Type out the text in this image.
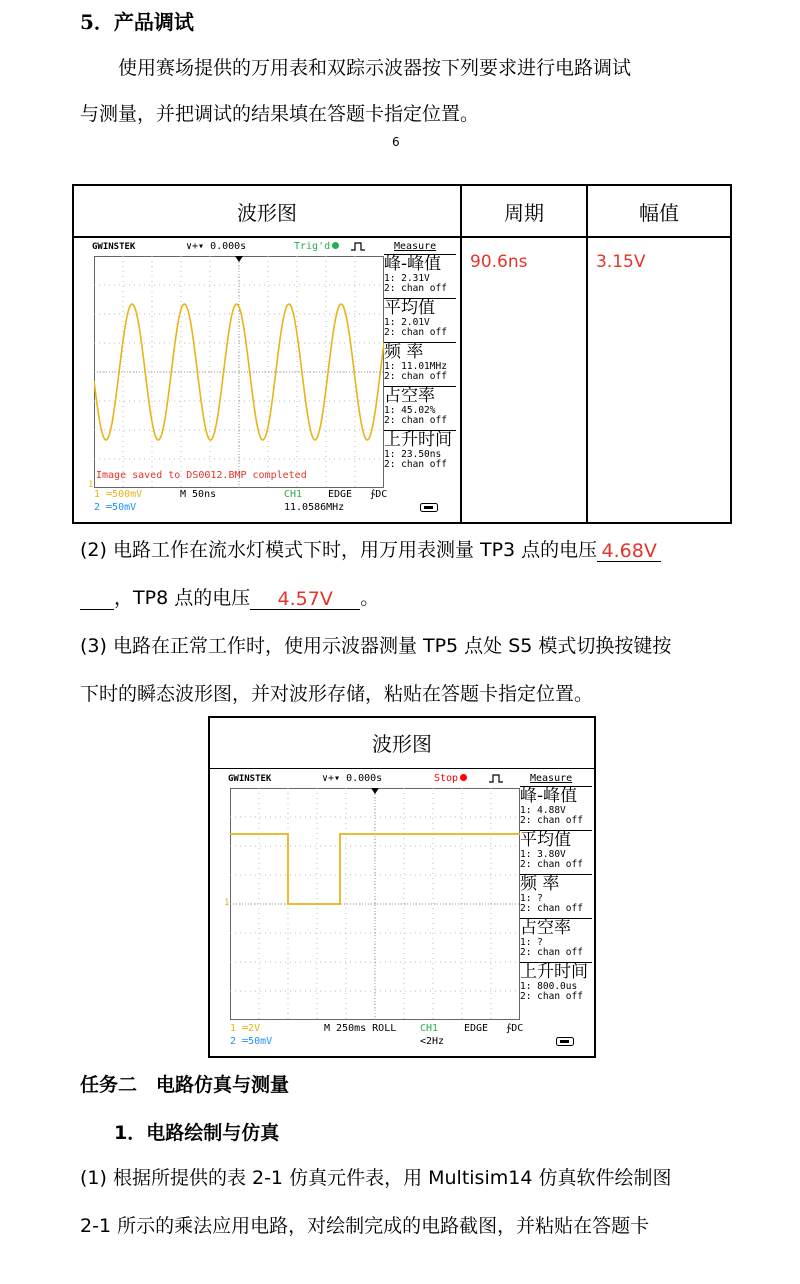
5．产品调试
使用赛场提供的万用表和双踪示波器按下列要求进行电路调试
与测量，并把调试的结果填在答题卡指定位置。
6
波形图	周期	幅值
	90.6ns	3.15V
GWINSTEK	∨+▾ 0.000s	Trig'd	Measure
1
Image saved to DS0012.BMP completed
峰-峰值
1: 2.31V
2: chan off
平均值
1: 2.01V
2: chan off
频 率
1: 11.01MHz
2: chan off
占空率
1: 45.02%
2: chan off
上升时间
1: 23.50ns
2: chan off
1 ═500mV
2 ═50mV
M 50ns	CH1	EDGE ∱DC
11.0586MHz
(2) 电路工作在流水灯模式下时，用万用表测量 TP3 点的电压 4.68V
，TP8 点的电压 4.57V 。
(3) 电路在正常工作时，使用示波器测量 TP5 点处 S5 模式切换按键按
下时的瞬态波形图，并对波形存储，粘贴在答题卡指定位置。
波形图
GWINSTEK	∨+▾ 0.000s	Stop	Measure
1
峰-峰值
1: 4.88V
2: chan off
平均值
1: 3.80V
2: chan off
频 率
1: ?
2: chan off
占空率
1: ?
2: chan off
上升时间
1: 800.0us
2: chan off
1 ═2V
2 ═50mV
M 250ms ROLL CH1	EDGE ∱DC
<2Hz
任务二　电路仿真与测量
1．电路绘制与仿真
(1) 根据所提供的表 2-1 仿真元件表，用 Multisim14 仿真软件绘制图
2-1 所示的乘法应用电路，对绘制完成的电路截图，并粘贴在答题卡
